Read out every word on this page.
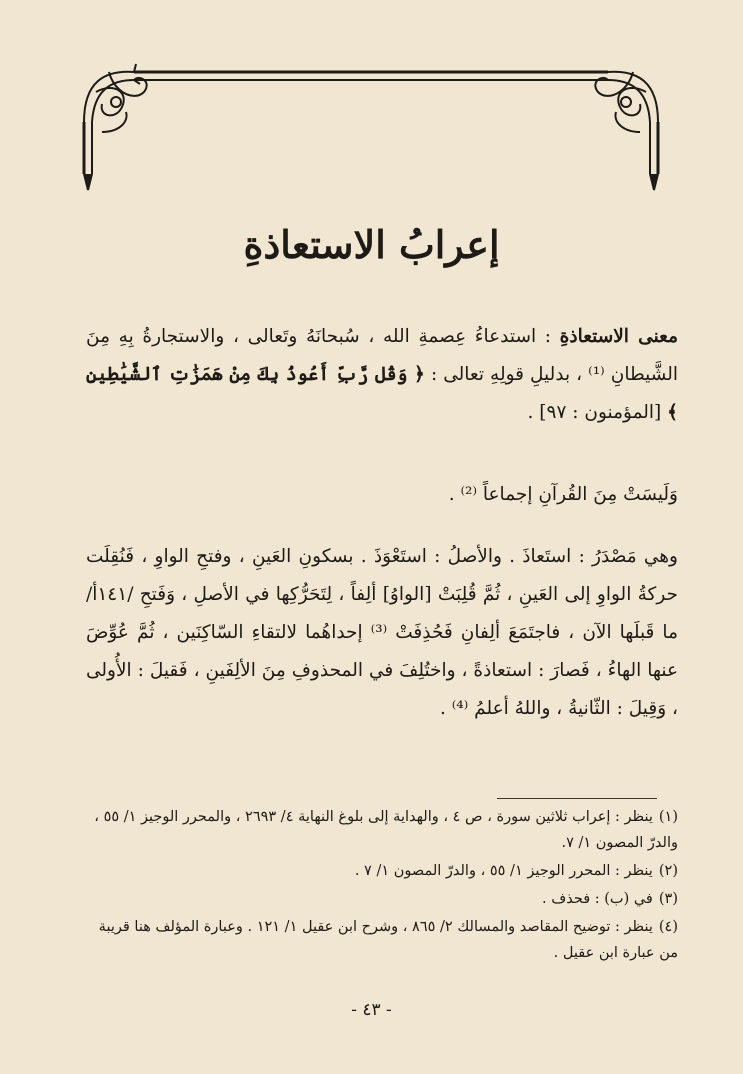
إعرابُ الاستعاذةِ
معنى الاستعاذةِ : استدعاءُ عِصمةِ الله ، سُبحانَهُ وتَعالى ، والاستجارةُ بِهِ مِنَ الشَّيطانِ ⁽¹⁾ ، بدليلِ قولِهِ تعالى : ﴿ وَقُل رَّبِّ أَعُوذُ بِكَ مِنْ هَمَزَٰتِ ٱلشَّيَٰطِينِ ﴾ [المؤمنون : ٩٧] .
وَلَيسَتْ مِنَ القُرآنِ إجماعاً ⁽²⁾ .
وهي مَصْدَرُ : استَعاذَ . والأصلُ : استَعْوَذَ . بسكونِ العَينِ ، وفتحِ الواوِ ، فَنُقِلَت حركةُ الواوِ إلى العَينِ ، ثُمَّ قُلِبَتْ [الواوُ] ألِفاً ، لِتَحَرُّكِها في الأصلِ ، وَفَتحِ /١٤١أ/ ما قَبلَها الآن ، فاجتَمَعَ ألِفانِ فَحُذِفَتْ ⁽³⁾ إحداهُما لالتقاءِ السّاكِنَين ، ثُمَّ عُوِّضَ عنها الهاءُ ، فَصارَ : استعاذةً ، واختُلِفَ في المحذوفِ مِنَ الألِفَينِ ، فَقيلَ : الأُولى ، وَقِيلَ : الثّانيةُ ، واللهُ أعلمُ ⁽⁴⁾ .
(١)ينظر : إعراب ثلاثين سورة ، ص ٤ ، والهداية إلى بلوغ النهاية ٤/ ٢٦٩٣ ، والمحرر الوجيز ١/ ٥٥ ، والدرّ المصون ١/ ٧.
(٢)ينظر : المحرر الوجيز ١/ ٥٥ ، والدرّ المصون ١/ ٧ .
(٣)في (ب) : فحذف .
(٤)ينظر : توضيح المقاصد والمسالك ٢/ ٨٦٥ ، وشرح ابن عقيل ١/ ١٢١ . وعبارة المؤلف هنا قريبة من عبارة ابن عقيل .
- ٤٣ -
